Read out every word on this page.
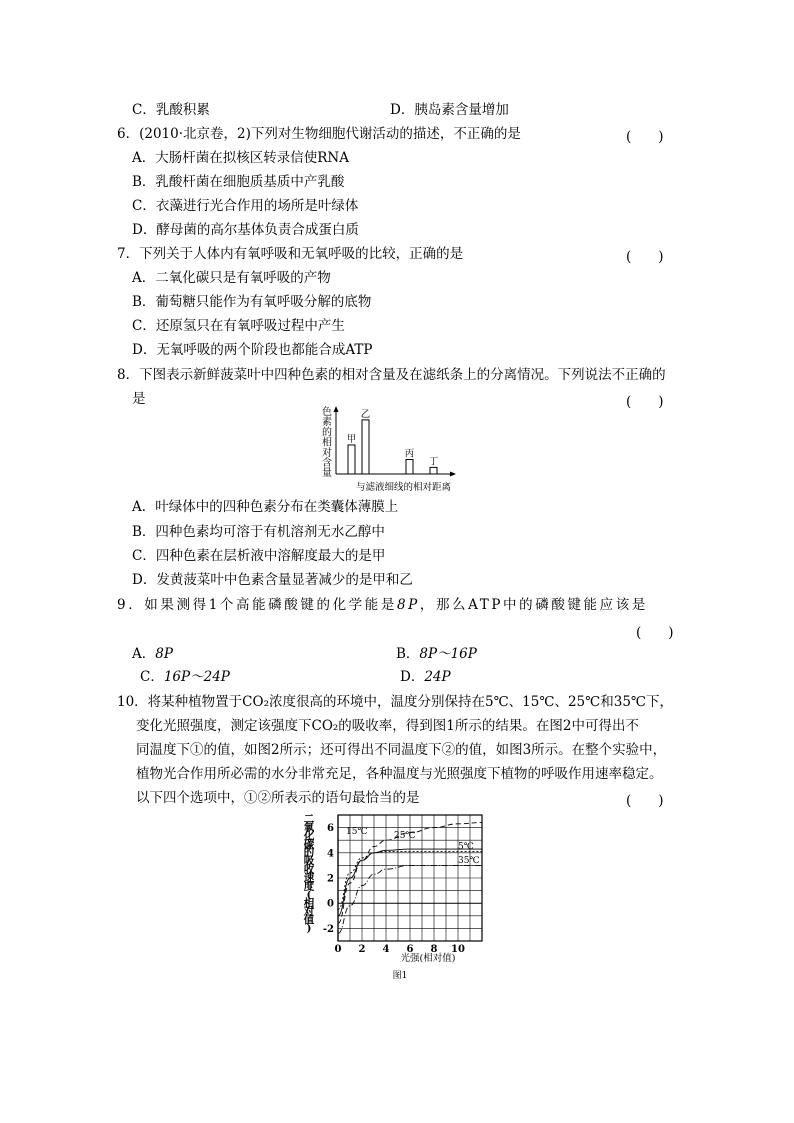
C．乳酸积累	D．胰岛素含量增加
6．(2010·北京卷，2)下列对生物细胞代谢活动的描述，不正确的是	(　　)
A．大肠杆菌在拟核区转录信使RNA
B．乳酸杆菌在细胞质基质中产乳酸
C．衣藻进行光合作用的场所是叶绿体
D．酵母菌的高尔基体负责合成蛋白质
7．下列关于人体内有氧呼吸和无氧呼吸的比较，正确的是	(　　)
A．二氧化碳只是有氧呼吸的产物
B．葡萄糖只能作为有氧呼吸分解的底物
C．还原氢只在有氧呼吸过程中产生
D．无氧呼吸的两个阶段也都能合成ATP
8．下图表示新鲜菠菜叶中四种色素的相对含量及在滤纸条上的分离情况。下列说法不正确的
是	(　　)
色素的相对含量
甲
乙
丙
丁
与滤液细线的相对距离
A．叶绿体中的四种色素分布在类囊体薄膜上
B．四种色素均可溶于有机溶剂无水乙醇中
C．四种色素在层析液中溶解度最大的是甲
D．发黄菠菜叶中色素含量显著减少的是甲和乙
9．如果测得1个高能磷酸键的化学能是8P，那么ATP中的磷酸键能应该是
(　　)
A．8P	B．8P～16P
C．16P～24P	D．24P
10．将某种植物置于CO₂浓度很高的环境中，温度分别保持在5℃、15℃、25℃和35℃下，
变化光照强度，测定该强度下CO₂的吸收率，得到图1所示的结果。在图2中可得出不
同温度下①的值，如图2所示；还可得出不同温度下②的值，如图3所示。在整个实验中，
植物光合作用所必需的水分非常充足，各种温度与光照强度下植物的呼吸作用速率稳定。
以下四个选项中，①②所表示的语句最恰当的是	(　　)
二氧化碳的吸收速度(相对值)
0 2 4 6 8 10
-2
0
2
4
6 15℃	25℃
5℃
35℃
光强(相对值)
图1
